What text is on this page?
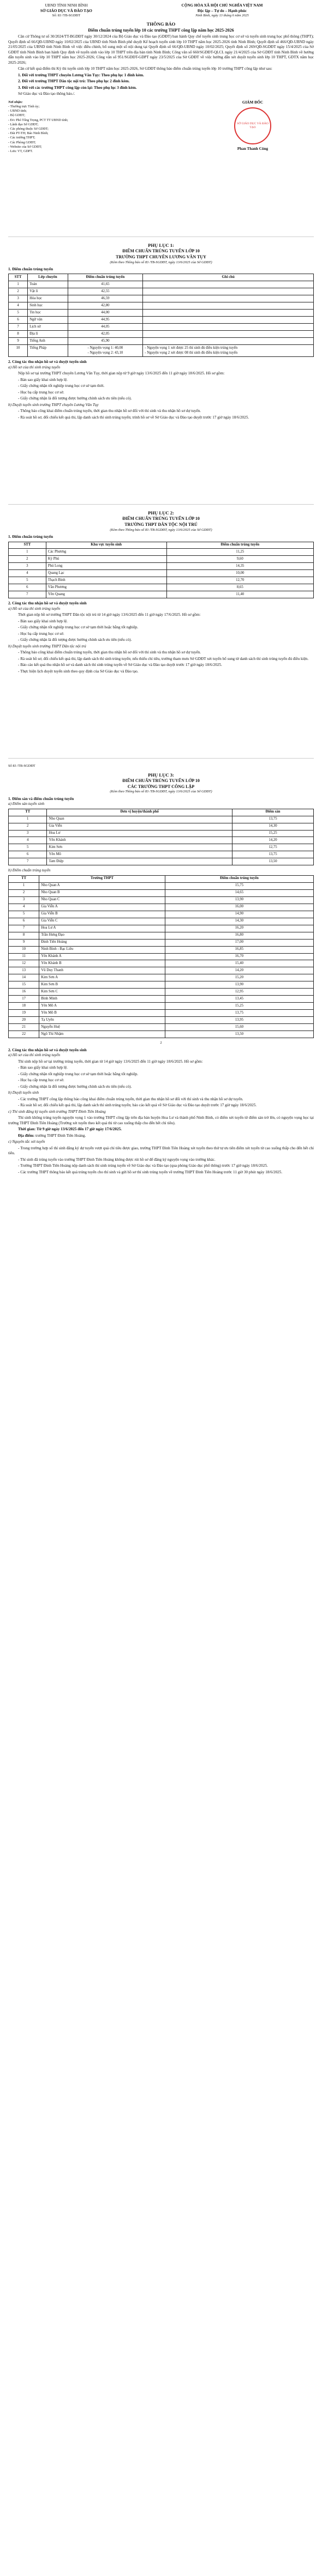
UBND TỈNH NINH BÌNH
SỞ GIÁO DỤC VÀ ĐÀO TẠO
Số: 83 /TB-SGDĐT
CỘNG HÒA XÃ HỘI CHỦ NGHĨA VIỆT NAM
Độc lập – Tự do – Hạnh phúc
Ninh Bình, ngày 13 tháng 6 năm 2025
THÔNG BÁO
Điểm chuẩn trúng tuyển lớp 10 các trường THPT công lập năm học 2025-2026

Căn cứ Thông tư số 30/2024/TT-BGDĐT ngày 30/12/2024 của Bộ Giáo dục và Đào tạo (GDĐT) ban hành Quy chế tuyển sinh trung học cơ sở và tuyển sinh trung học phổ thông (THPT); Quyết định số 66/QĐ-UBND ngày 10/02/2025 của UBND tỉnh Ninh Bình phê duyệt Kế hoạch tuyển sinh lớp 10 THPT năm học 2025-2026 tỉnh Ninh Bình; Quyết định số 466/QĐ-UBND ngày 21/05/2025 của UBND tỉnh Ninh Bình về việc điều chỉnh, bổ sung một số nội dung tại Quyết định số 66/QĐ-UBND ngày 10/02/2025; Quyết định số 269/QĐ-SGDĐT ngày 15/4/2025 của Sở GDĐT tỉnh Ninh Bình ban hành Quy định về tuyển sinh vào lớp 10 THPT trên địa bàn tỉnh Ninh Bình; Công văn số 660/SGDĐT-QLCL ngày 21/4/2025 của Sở GDĐT tỉnh Ninh Bình về hướng dẫn tuyển sinh vào lớp 10 THPT năm học 2025-2026; Công văn số 951/SGDĐT-GDPT ngày 23/5/2025 của Sở GDĐT về việc hướng dẫn xét duyệt tuyển sinh lớp 10 THPT, GDTX năm học 2025-2026;

Căn cứ kết quả điểm thi Kỳ thi tuyển sinh lớp 10 THPT năm học 2025-2026, Sở GDĐT thông báo điểm chuẩn trúng tuyển lớp 10 trường THPT công lập như sau:

1. Đối với trường THPT chuyên Lương Văn Tụy: Theo phụ lục 1 đính kèm.

2. Đối với trường THPT Dân tộc nội trú: Theo phụ lục 2 đính kèm.

3. Đối với các trường THPT công lập còn lại: Theo phụ lục 3 đính kèm.

Sở Giáo dục và Đào tạo thông báo./.

Nơi nhận:
- Thường trực Tỉnh ủy;
- UBND tỉnh;
- Bộ GDĐT;
- Đ/c Phó Tổng Trọng, PCT TT UBND tỉnh;
- Lãnh đạo Sở GDĐT;
- Các phòng thuộc Sở GDĐT;
- Đài PT-TH; Báo Ninh Bình;
- Các trường THPT;
- Các Phòng GDĐT;
- Website của Sở GDĐT;
- Lưu: VT, GDPT.
GIÁM ĐỐC
SỞ GIÁO DỤC VÀ ĐÀO TẠO
Phan Thanh Công
PHỤ LỤC 1:
ĐIỂM CHUẨN TRÚNG TUYỂN LỚP 10
TRƯỜNG THPT CHUYÊN LƯƠNG VĂN TỤY
(Kèm theo Thông báo số 83 /TB-SGDĐT, ngày 13/6/2025 của Sở GDĐT)
1. Điểm chuẩn trúng tuyển
STT	Lớp chuyên	Điểm chuẩn trúng tuyển	Ghi chú
1	Toán	41,65	
2	Vật lí	42,55	
3	Hóa học	46,59	
4	Sinh học	42,80	
5	Tin học	44,00	
6	Ngữ văn	44,95	
7	Lịch sử	44,05	
8	Địa lí	42,05	
9	Tiếng Anh	45,90	
10	Tiếng Pháp	- Nguyện vọng 1: 40,00
- Nguyện vọng 2: 43,10	- Nguyện vọng 1 xét được 25 thí sinh đủ điều kiện trúng tuyển
- Nguyện vọng 2 xét được 08 thí sinh đủ điều kiện trúng tuyển
2. Công tác thu nhận hồ sơ và duyệt tuyển sinh
a) Hồ sơ của thí sinh trúng tuyển

Nộp hồ sơ tại trường THPT chuyên Lương Văn Tụy, thời gian nộp từ 9 giờ ngày 13/6/2025 đến 11 giờ ngày 18/6/2025. Hồ sơ gồm:

- Bản sao giấy khai sinh hợp lệ.

- Giấy chứng nhận tốt nghiệp trung học cơ sở tạm thời.

- Học bạ cấp trung học cơ sở.

- Giấy chứng nhận là đối tượng được hưởng chính sách ưu tiên (nếu có).

b) Duyệt tuyển sinh trường THPT chuyên Lương Văn Tụy

- Thông báo công khai điểm chuẩn trúng tuyển, thời gian thu nhận hồ sơ đối với thí sinh và thu nhận hồ sơ dự tuyển.

- Rà soát hồ sơ, đối chiếu kết quả thi, lập danh sách thí sinh trúng tuyển; trình hồ sơ về Sở Giáo dục và Đào tạo duyệt trước 17 giờ ngày 18/6/2025.

PHỤ LỤC 2:
ĐIỂM CHUẨN TRÚNG TUYỂN LỚP 10
TRƯỜNG THPT DÂN TỘC NỘI TRÚ
(Kèm theo Thông báo số 83 /TB-SGDĐT, ngày 13/6/2025 của Sở GDĐT)
1. Điểm chuẩn trúng tuyển
STT	Khu vực tuyển sinh	Điểm chuẩn trúng tuyển
1	Các Phương	11,25
2	Kỳ Phú	9,60
3	Phú Long	14,35
4	Quang Lạc	10,00
5	Thạch Bình	12,70
6	Văn Phương	8,65
7	Yên Quang	11,40
2. Công tác thu nhận hồ sơ và duyệt tuyển sinh
a) Hồ sơ của thí sinh trúng tuyển

Thời gian nộp hồ sơ trường THPT Dân tộc nội trú từ 14 giờ ngày 13/6/2025 đến 11 giờ ngày 17/6/2025. Hồ sơ gồm:

- Bản sao giấy khai sinh hợp lệ.

- Giấy chứng nhận tốt nghiệp trung học cơ sở tạm thời hoặc bằng tốt nghiệp.

- Học bạ cấp trung học cơ sở.

- Giấy chứng nhận là đối tượng được hưởng chính sách ưu tiên (nếu có).

b) Duyệt tuyển sinh trường THPT Dân tộc nội trú

- Thông báo công khai điểm chuẩn trúng tuyển, thời gian thu nhận hồ sơ đối với thí sinh và thu nhận hồ sơ dự tuyển.

- Rà soát hồ sơ, đối chiếu kết quả thi, lập danh sách thí sinh trúng tuyển; nếu thiếu chỉ tiêu, trường tham mưu Sở GDĐT xét tuyển bổ sung từ danh sách thí sinh trúng tuyển đủ điều kiện.

- Báo cáo kết quả thu nhận hồ sơ và danh sách thí sinh trúng tuyển về Sở Giáo dục và Đào tạo duyệt trước 17 giờ ngày 18/6/2025.

- Thực hiện lịch duyệt tuyển sinh theo quy định của Sở Giáo dục và Đào tạo.

Số 83 /TB-SGDĐT
PHỤ LỤC 3:
ĐIỂM CHUẨN TRÚNG TUYỂN LỚP 10
CÁC TRƯỜNG THPT CÔNG LẬP
(Kèm theo Thông báo số 83 /TB-SGDĐT, ngày 13/6/2025 của Sở GDĐT)
1. Điểm sàn và điểm chuẩn trúng tuyển
a) Điểm sàn tuyển sinh
TT	Đơn vị huyện/thành phố	Điểm sàn
1	Nho Quan	13,75
2	Gia Viễn	14,30
3	Hoa Lư	15,25
4	Yên Khánh	14,20
5	Kim Sơn	12,75
6	Yên Mô	13,75
7	Tam Điệp	13,50
b) Điểm chuẩn trúng tuyển
TT	Trường THPT	Điểm chuẩn trúng tuyển
1	Nho Quan A	15,75
2	Nho Quan B	14,65
3	Nho Quan C	13,90
4	Gia Viễn A	16,00
5	Gia Viễn B	14,90
6	Gia Viễn C	14,30
7	Hoa Lư A	16,20
8	Trần Hưng Đạo	16,80
9	Đinh Tiên Hoàng	17,00
10	Ninh Bình - Bạc Liêu	16,85
11	Yên Khánh A	16,70
12	Yên Khánh B	15,40
13	Vũ Duy Thanh	14,20
14	Kim Sơn A	15,20
15	Kim Sơn B	13,90
16	Kim Sơn C	12,95
17	Bình Minh	13,45
18	Yên Mô A	15,25
19	Yên Mô B	13,75
20	Tạ Uyên	13,95
21	Nguyễn Huệ	15,60
22	Ngô Thì Nhậm	13,50
2
2. Công tác thu nhận hồ sơ và duyệt tuyển sinh
a) Hồ sơ của thí sinh trúng tuyển

Thí sinh nộp hồ sơ tại trường trúng tuyển, thời gian từ 14 giờ ngày 13/6/2025 đến 11 giờ ngày 18/6/2025. Hồ sơ gồm:

- Bản sao giấy khai sinh hợp lệ.

- Giấy chứng nhận tốt nghiệp trung học cơ sở tạm thời hoặc bằng tốt nghiệp.

- Học bạ cấp trung học cơ sở.

- Giấy chứng nhận là đối tượng được hưởng chính sách ưu tiên (nếu có).

b) Duyệt tuyển sinh

- Các trường THPT công lập thông báo công khai điểm chuẩn trúng tuyển, thời gian thu nhận hồ sơ đối với thí sinh và thu nhận hồ sơ dự tuyển.

- Rà soát hồ sơ, đối chiếu kết quả thi, lập danh sách thí sinh trúng tuyển; báo cáo kết quả về Sở Giáo dục và Đào tạo duyệt trước 17 giờ ngày 18/6/2025.

c) Thí sinh đăng ký tuyển sinh trường THPT Đinh Tiên Hoàng

Thí sinh không trúng tuyển nguyện vọng 1 vào trường THPT công lập trên địa bàn huyện Hoa Lư và thành phố Ninh Bình, có điểm xét tuyển từ điểm sàn trở lên, có nguyện vọng học tại trường THPT Đinh Tiên Hoàng (Trường xét tuyển theo kết quả thi từ cao xuống thấp cho đến hết chỉ tiêu).

Thời gian: Từ 9 giờ ngày 13/6/2025 đến 17 giờ ngày 17/6/2025.

Địa điểm: trường THPT Đinh Tiên Hoàng.

c) Nguyên tắc xét tuyển

- Trong trường hợp số thí sinh đăng ký dự tuyển vượt quá chỉ tiêu được giao, trường THPT Đinh Tiên Hoàng xét tuyển theo thứ tự ưu tiên điểm xét tuyển từ cao xuống thấp cho đến hết chỉ tiêu.

- Thí sinh đã trúng tuyển vào trường THPT Đinh Tiên Hoàng không được rút hồ sơ để đăng ký nguyện vọng vào trường khác.

- Trường THPT Đinh Tiên Hoàng nộp danh sách thí sinh trúng tuyển về Sở Giáo dục và Đào tạo (qua phòng Giáo dục phổ thông) trước 17 giờ ngày 18/6/2025.

- Các trường THPT thông báo kết quả trúng tuyển cho thí sinh và gửi hồ sơ thí sinh trúng tuyển về trường THPT Đinh Tiên Hoàng trước 11 giờ 30 phút ngày 18/6/2025.
